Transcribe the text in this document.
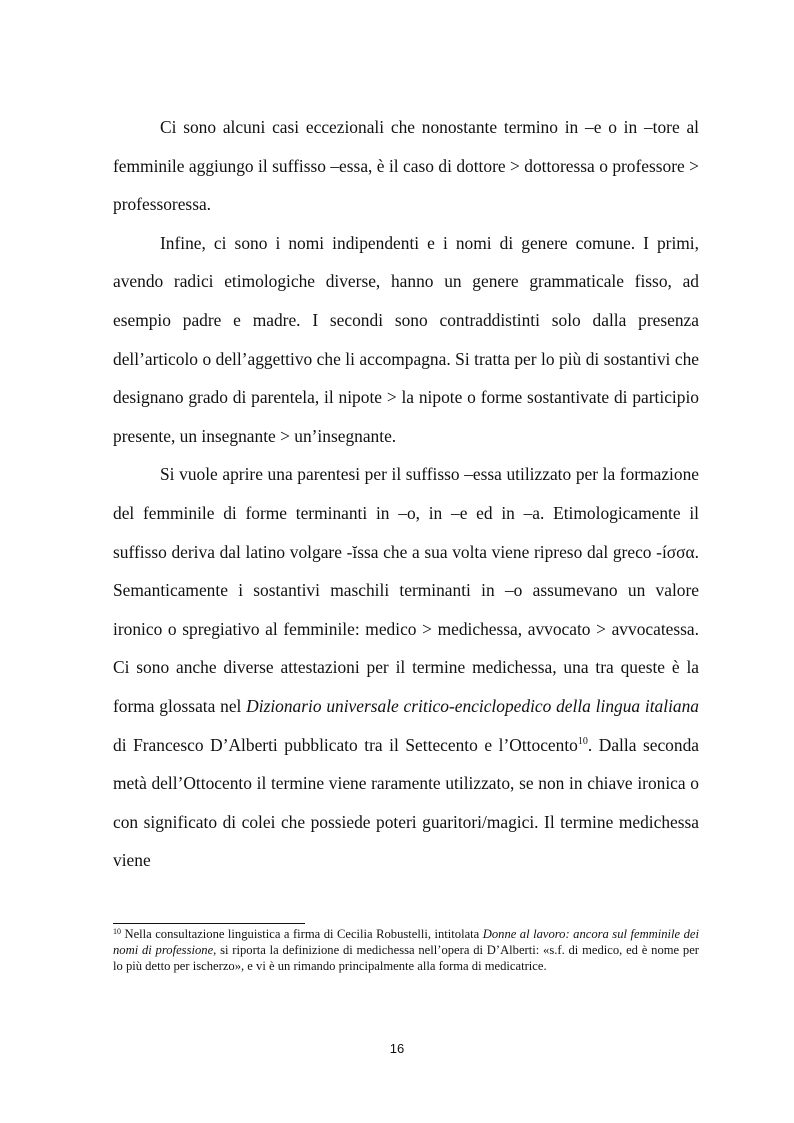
Ci sono alcuni casi eccezionali che nonostante termino in –e o in –tore al femminile aggiungo il suffisso –essa, è il caso di dottore > dottoressa o professore > professoressa.

Infine, ci sono i nomi indipendenti e i nomi di genere comune. I primi, avendo radici etimologiche diverse, hanno un genere grammaticale fisso, ad esempio padre e madre. I secondi sono contraddistinti solo dalla presenza dell’articolo o dell’aggettivo che li accompagna. Si tratta per lo più di sostantivi che designano grado di parentela, il nipote > la nipote o forme sostantivate di participio presente, un insegnante > un’insegnante.

Si vuole aprire una parentesi per il suffisso –essa utilizzato per la formazione del femminile di forme terminanti in –o, in –e ed in –a. Etimologicamente il suffisso deriva dal latino volgare -ĭssa che a sua volta viene ripreso dal greco -íσσα. Semanticamente i sostantivi maschili terminanti in –o assumevano un valore ironico o spregiativo al femminile: medico > medichessa, avvocato > avvocatessa. Ci sono anche diverse attestazioni per il termine medichessa, una tra queste è la forma glossata nel Dizionario universale critico-enciclopedico della lingua italiana di Francesco D’Alberti pubblicato tra il Settecento e l’Ottocento$^{10}$. Dalla seconda metà dell’Ottocento il termine viene raramente utilizzato, se non in chiave ironica o con significato di colei che possiede poteri guaritori/magici. Il termine medichessa viene

$^{10}$ Nella consultazione linguistica a firma di Cecilia Robustelli, intitolata Donne al lavoro: ancora sul femminile dei nomi di professione, si riporta la definizione di medichessa nell’opera di D’Alberti: «s.f. di medico, ed è nome per lo più detto per ischerzo», e vi è un rimando principalmente alla forma di medicatrice.

16
